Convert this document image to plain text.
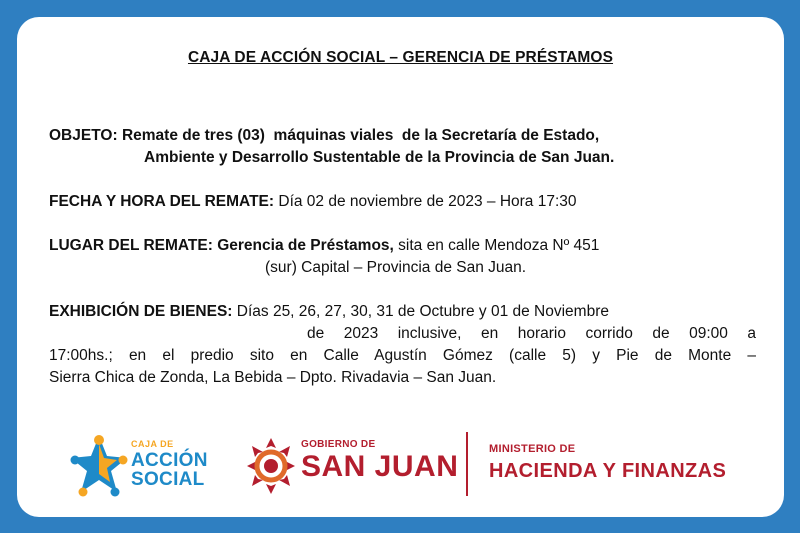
CAJA DE ACCIÓN SOCIAL – GERENCIA DE PRÉSTAMOS
OBJETO: Remate de tres (03)  máquinas viales  de la Secretaría de Estado,
Ambiente y Desarrollo Sustentable de la Provincia de San Juan.
FECHA Y HORA DEL REMATE: Día 02 de noviembre de 2023 – Hora 17:30
LUGAR DEL REMATE: Gerencia de Préstamos, sita en calle Mendoza Nº 451
(sur) Capital – Provincia de San Juan.
EXHIBICIÓN DE BIENES: Días 25, 26, 27, 30, 31 de Octubre y 01 de Noviembre
de 2023 inclusive, en horario corrido de 09:00 a
17:00hs.; en el predio sito en Calle Agustín Gómez (calle 5) y Pie de Monte –
Sierra Chica de Zonda, La Bebida – Dpto. Rivadavia – San Juan.
CAJA DE
ACCIÓN
SOCIAL
GOBIERNO DE
SAN JUAN
MINISTERIO DE
HACIENDA Y FINANZAS
